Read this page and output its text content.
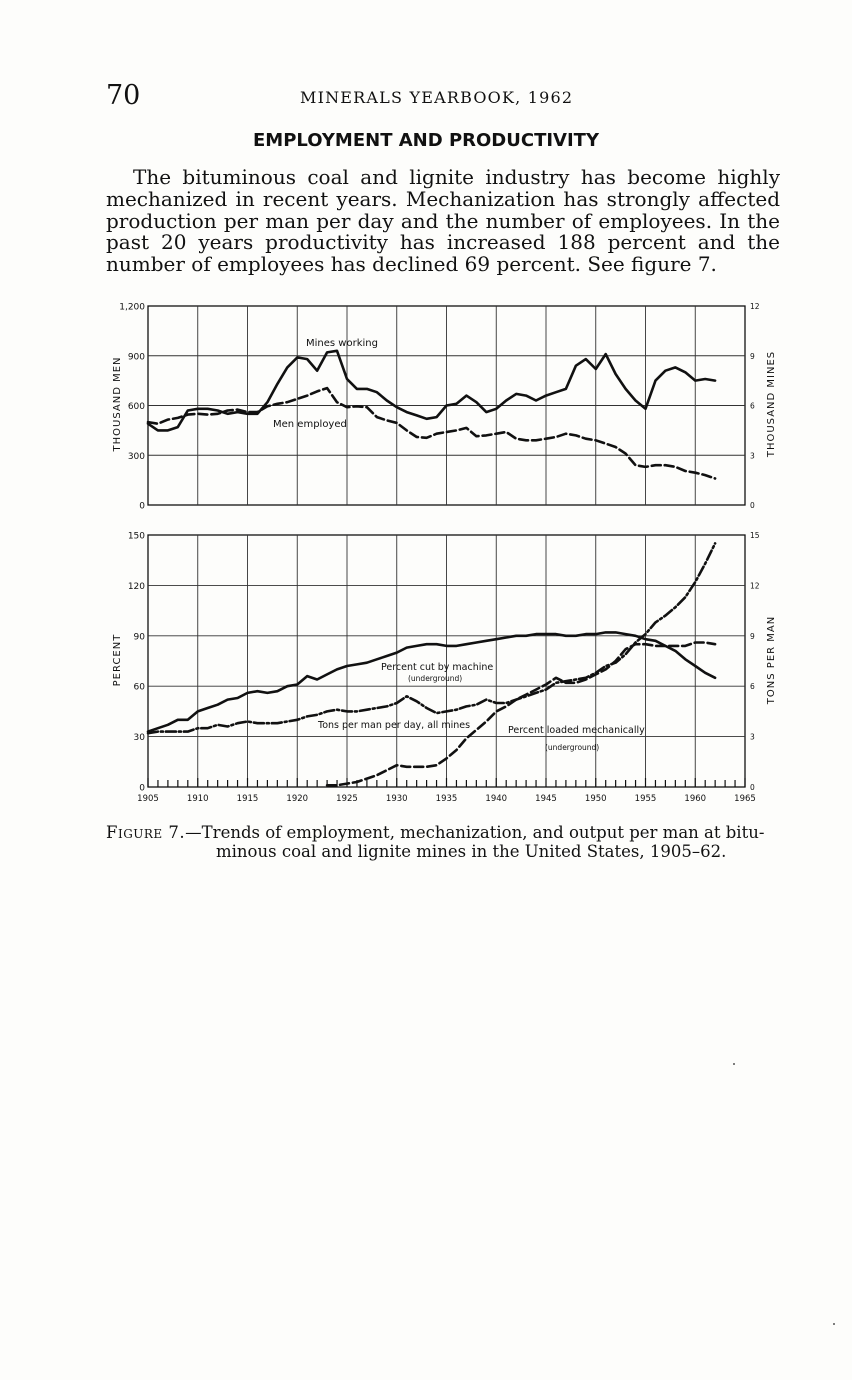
70	MINERALS YEARBOOK, 1962
EMPLOYMENT AND PRODUCTIVITY

The bituminous coal and lignite industry has become highly mechanized in recent years. Mechanization has strongly affected production per man per day and the number of employees. In the past 20 years productivity has increased 188 percent and the number of employees has declined 69 percent. See figure 7.

0	0
300	3
600	6
900	9
1,200	12
THOUSAND MEN	THOUSAND MINES
Mines working
Men employed
0	0
30	3
60	6
90	9
120	12
150	15
1905	1910	1915	1920	1925	1930	1935	1940	1945	1950	1955	1960	1965
PERCENT	TONS PER MAN
Percent cut by machine
(underground)
Tons per man per day, all mines	Percent loaded mechanically
(underground)
Figure 7.—Trends of employment, mechanization, and output per man at bitu-
minous coal and lignite mines in the United States, 1905–62.
